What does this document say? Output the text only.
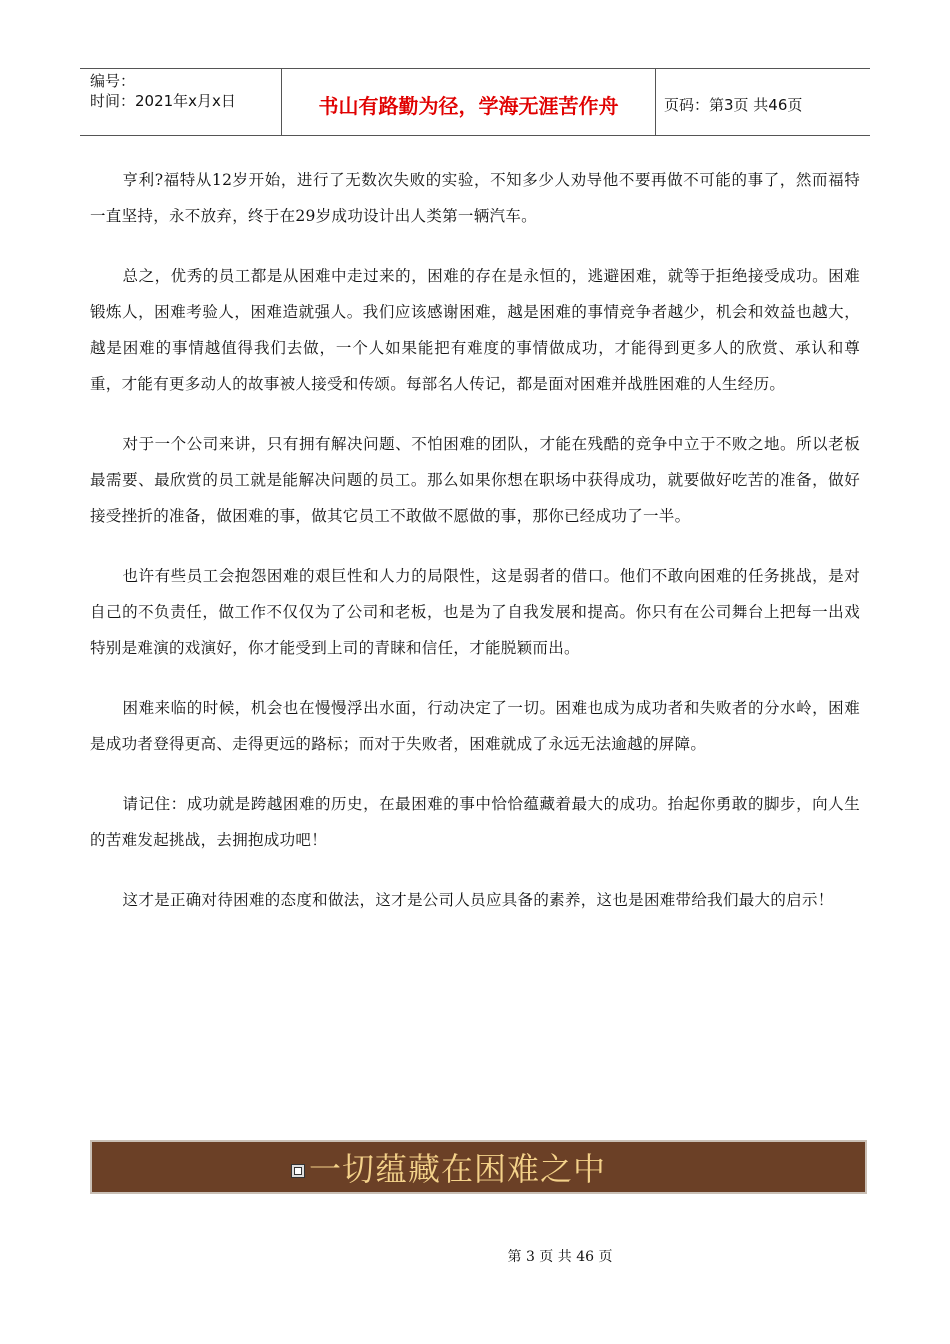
编号：
时间：2021年x月x日	书山有路勤为径，学海无涯苦作舟	页码：第3页 共46页

亨利?福特从12岁开始，进行了无数次失败的实验，不知多少人劝导他不要再做不可能的事了，然而福特一直坚持，永不放弃，终于在29岁成功设计出人类第一辆汽车。

总之，优秀的员工都是从困难中走过来的，困难的存在是永恒的，逃避困难，就等于拒绝接受成功。困难锻炼人，困难考验人，困难造就强人。我们应该感谢困难，越是困难的事情竞争者越少，机会和效益也越大，越是困难的事情越值得我们去做，一个人如果能把有难度的事情做成功，才能得到更多人的欣赏、承认和尊重，才能有更多动人的故事被人接受和传颂。每部名人传记，都是面对困难并战胜困难的人生经历。

对于一个公司来讲，只有拥有解决问题、不怕困难的团队，才能在残酷的竞争中立于不败之地。所以老板最需要、最欣赏的员工就是能解决问题的员工。那么如果你想在职场中获得成功，就要做好吃苦的准备，做好接受挫折的准备，做困难的事，做其它员工不敢做不愿做的事，那你已经成功了一半。

也许有些员工会抱怨困难的艰巨性和人力的局限性，这是弱者的借口。他们不敢向困难的任务挑战，是对自己的不负责任，做工作不仅仅为了公司和老板，也是为了自我发展和提高。你只有在公司舞台上把每一出戏特别是难演的戏演好，你才能受到上司的青睐和信任，才能脱颖而出。

困难来临的时候，机会也在慢慢浮出水面，行动决定了一切。困难也成为成功者和失败者的分水岭，困难是成功者登得更高、走得更远的路标；而对于失败者，困难就成了永远无法逾越的屏障。

请记住：成功就是跨越困难的历史，在最困难的事中恰恰蕴藏着最大的成功。抬起你勇敢的脚步，向人生的苦难发起挑战，去拥抱成功吧！

这才是正确对待困难的态度和做法，这才是公司人员应具备的素养，这也是困难带给我们最大的启示！

一切蕴藏在困难之中
第 3 页 共 46 页
